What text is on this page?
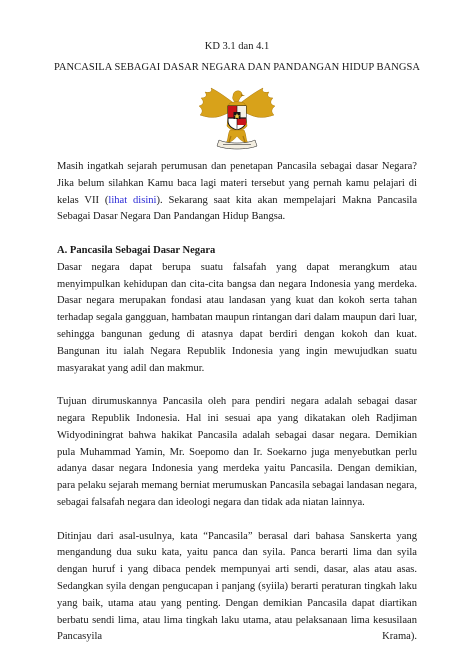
KD 3.1 dan 4.1
PANCASILA SEBAGAI DASAR NEGARA DAN PANDANGAN HIDUP BANGSA

Masih ingatkah sejarah perumusan dan penetapan Pancasila sebagai dasar Negara? Jika belum silahkan Kamu baca lagi materi tersebut yang pernah kamu pelajari di kelas VII (lihat disini). Sekarang saat kita akan mempelajari Makna Pancasila Sebagai Dasar Negara Dan Pandangan Hidup Bangsa.

A. Pancasila Sebagai Dasar Negara

Dasar negara dapat berupa suatu falsafah yang dapat merangkum atau menyimpulkan kehidupan dan cita-cita bangsa dan negara Indonesia yang merdeka. Dasar negara merupakan fondasi atau landasan yang kuat dan kokoh serta tahan terhadap segala gangguan, hambatan maupun rintangan dari dalam maupun dari luar, sehingga bangunan gedung di atasnya dapat berdiri dengan kokoh dan kuat. Bangunan itu ialah Negara Republik Indonesia yang ingin mewujudkan suatu masyarakat yang adil dan makmur.

Tujuan dirumuskannya Pancasila oleh para pendiri negara adalah sebagai dasar negara Republik Indonesia. Hal ini sesuai apa yang dikatakan oleh Radjiman Widyodiningrat bahwa hakikat Pancasila adalah sebagai dasar negara. Demikian pula Muhammad Yamin, Mr. Soepomo dan Ir. Soekarno juga menyebutkan perlu adanya dasar negara Indonesia yang merdeka yaitu Pancasila. Dengan demikian, para pelaku sejarah memang berniat merumuskan Pancasila sebagai landasan negara, sebagai falsafah negara dan ideologi negara dan tidak ada niatan lainnya.

Ditinjau dari asal-usulnya, kata “Pancasila” berasal dari bahasa Sanskerta yang mengandung dua suku kata, yaitu panca dan syila. Panca berarti lima dan syila dengan huruf i yang dibaca pendek mempunyai arti sendi, dasar, alas atau asas. Sedangkan syila dengan pengucapan i panjang (syiila) berarti peraturan tingkah laku yang baik, utama atau yang penting. Dengan demikian Pancasila dapat diartikan berbatu sendi lima, atau lima tingkah laku utama, atau pelaksanaan lima kesusilaan Pancasyila Krama).
